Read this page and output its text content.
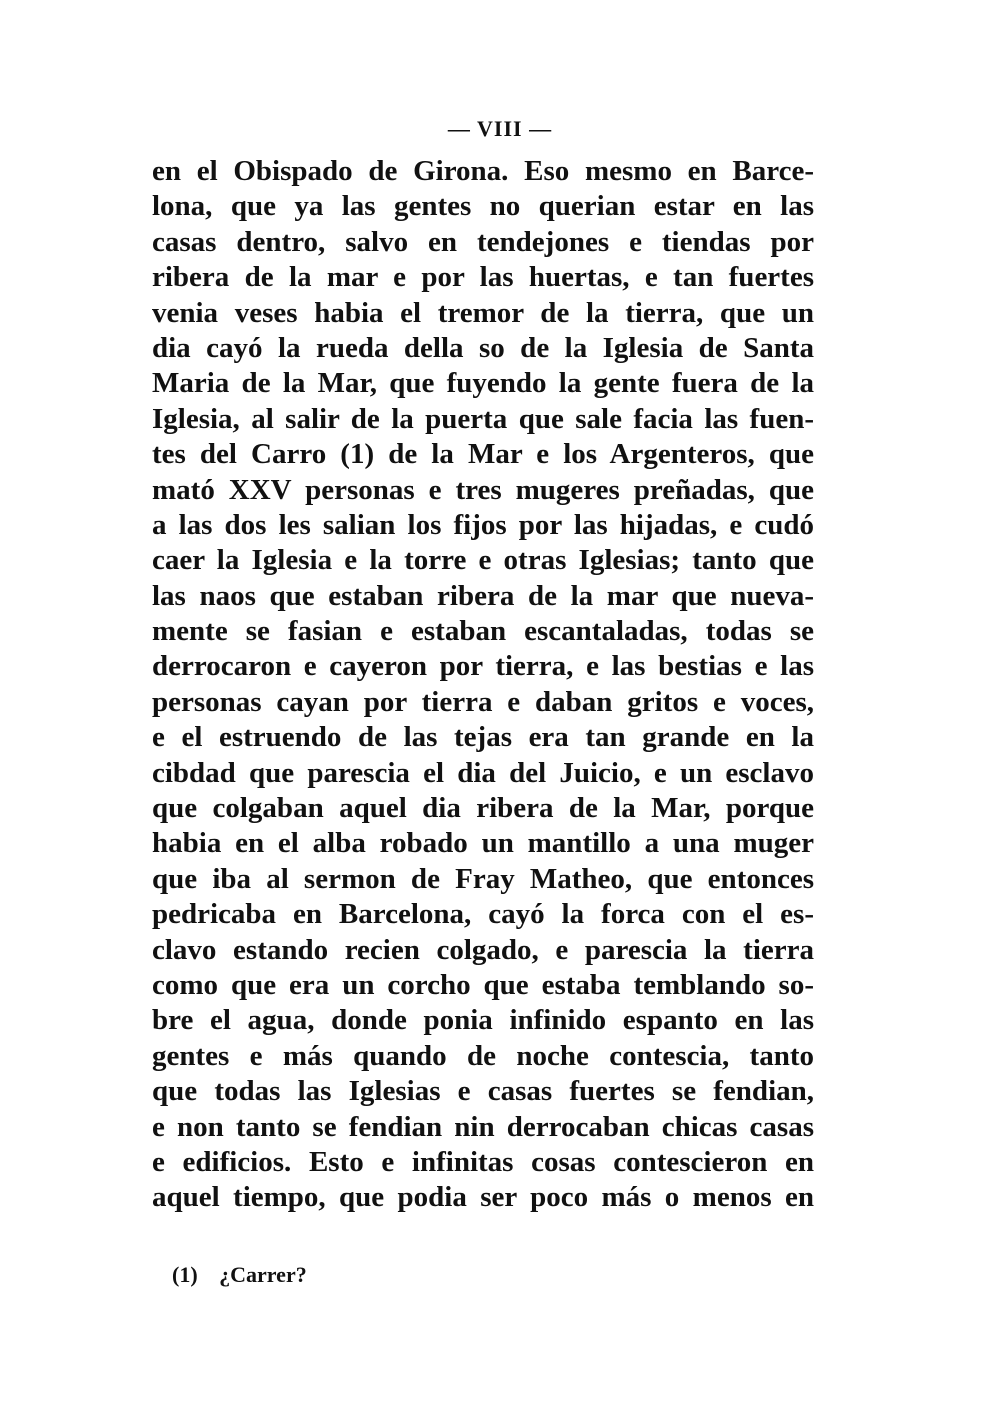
— VIII —
en el Obispado de Girona. Eso mesmo en Barce-
lona, que ya las gentes no querian estar en las
casas dentro, salvo en tendejones e tiendas por
ribera de la mar e por las huertas, e tan fuertes
venia veses habia el tremor de la tierra, que un
dia cayó la rueda della so de la Iglesia de Santa
Maria de la Mar, que fuyendo la gente fuera de la
Iglesia, al salir de la puerta que sale facia las fuen-
tes del Carro (1) de la Mar e los Argenteros, que
mató XXV personas e tres mugeres preñadas, que
a las dos les salian los fijos por las hijadas, e cudó
caer la Iglesia e la torre e otras Iglesias; tanto que
las naos que estaban ribera de la mar que nueva-
mente se fasian e estaban escantaladas, todas se
derrocaron e cayeron por tierra, e las bestias e las
personas cayan por tierra e daban gritos e voces,
e el estruendo de las tejas era tan grande en la
cibdad que parescia el dia del Juicio, e un esclavo
que colgaban aquel dia ribera de la Mar, porque
habia en el alba robado un mantillo a una muger
que iba al sermon de Fray Matheo, que entonces
pedricaba en Barcelona, cayó la forca con el es-
clavo estando recien colgado, e parescia la tierra
como que era un corcho que estaba temblando so-
bre el agua, donde ponia infinido espanto en las
gentes e más quando de noche contescia, tanto
que todas las Iglesias e casas fuertes se fendian,
e non tanto se fendian nin derrocaban chicas casas
e edificios. Esto e infinitas cosas contescieron en
aquel tiempo, que podia ser poco más o menos en
(1) ¿Carrer?
